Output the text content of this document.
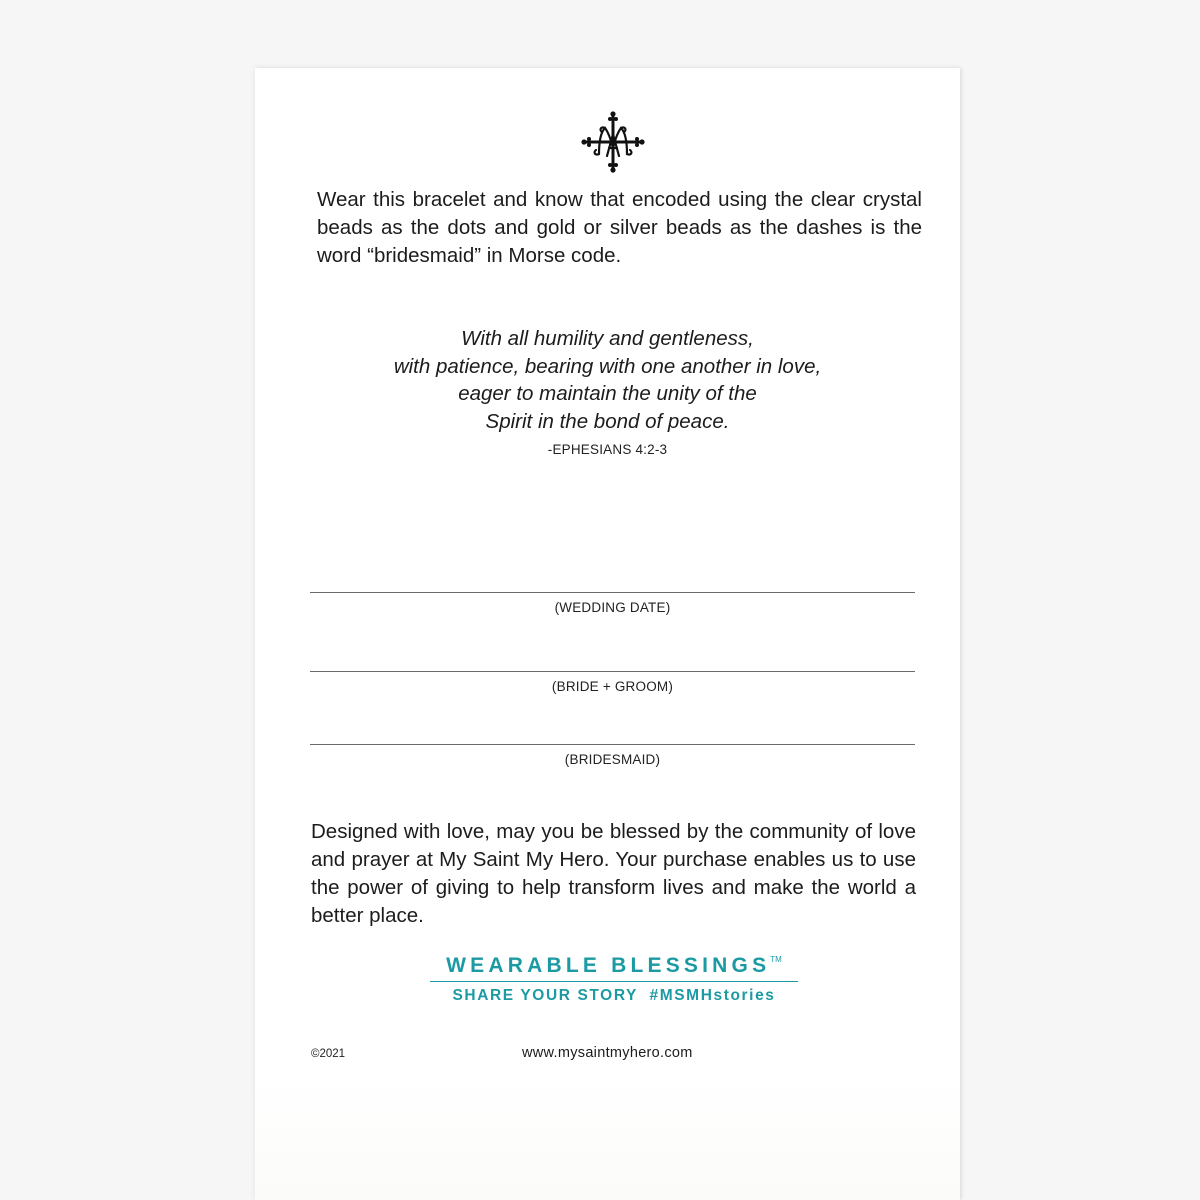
Wear this bracelet and know that encoded using the clear crystal beads as the dots and gold or silver beads as the dashes is the word “bridesmaid” in Morse code.
With all humility and gentleness,
with patience, bearing with one another in love,
eager to maintain the unity of the
Spirit in the bond of peace.
-EPHESIANS 4:2-3
(WEDDING DATE)
(BRIDE + GROOM)
(BRIDESMAID)
Designed with love, may you be blessed by the community of love and prayer at My Saint My Hero. Your purchase enables us to use the power of giving to help transform lives and make the world a better place.
WEARABLE BLESSINGS™
SHARE YOUR STORY  #MSMHstories
©2021	www.mysaintmyhero.com
